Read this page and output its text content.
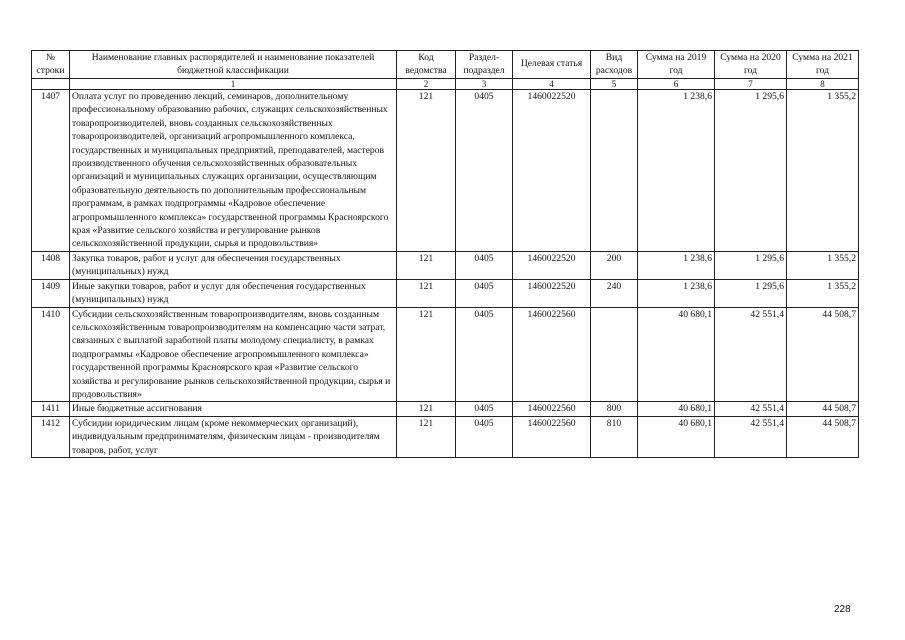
№ строки	Наименование главных распорядителей и наименование показателей бюджетной классификации	Код ведомства	Раздел-подраздел	Целевая статья	Вид расходов	Сумма на 2019 год	Сумма на 2020 год	Сумма на 2021 год
	1	2	3	4	5	6	7	8
1407	Оплата услуг по проведению лекций, семинаров, дополнительному профессиональному образованию рабочих, служащих сельскохозяйственных товаропроизводителей, вновь созданных сельскохозяйственных товаропроизводителей, организаций агропромышленного комплекса, государственных и муниципальных предприятий, преподавателей, мастеров производственного обучения сельскохозяйственных образовательных организаций и муниципальных служащих организации, осуществляющим образовательную деятельность по дополнительным профессиональным программам, в рамках подпрограммы «Кадровое обеспечение агропромышленного комплекса» государственной программы Красноярского края «Развитие сельского хозяйства и регулирование рынков сельскохозяйственной продукции, сырья и продовольствия»	121	0405	1460022520		1 238,6	1 295,6	1 355,2
1408	Закупка товаров, работ и услуг для обеспечения государственных (муниципальных) нужд	121	0405	1460022520	200	1 238,6	1 295,6	1 355,2
1409	Иные закупки товаров, работ и услуг для обеспечения государственных (муниципальных) нужд	121	0405	1460022520	240	1 238,6	1 295,6	1 355,2
1410	Субсидии сельскохозяйственным товаропроизводителям, вновь созданным сельскохозяйственным товаропроизводителям на компенсацию части затрат, связанных с выплатой заработной платы молодому специалисту, в рамках подпрограммы «Кадровое обеспечение агропромышленного комплекса» государственной программы Красноярского края «Развитие сельского хозяйства и регулирование рынков сельскохозяйственной продукции, сырья и продовольствия»	121	0405	1460022560		40 680,1	42 551,4	44 508,7
1411	Иные бюджетные ассигнования	121	0405	1460022560	800	40 680,1	42 551,4	44 508,7
1412	Субсидии юридическим лицам (кроме некоммерческих организаций), индивидуальным предпринимателям, физическим лицам - производителям товаров, работ, услуг	121	0405	1460022560	810	40 680,1	42 551,4	44 508,7
228
